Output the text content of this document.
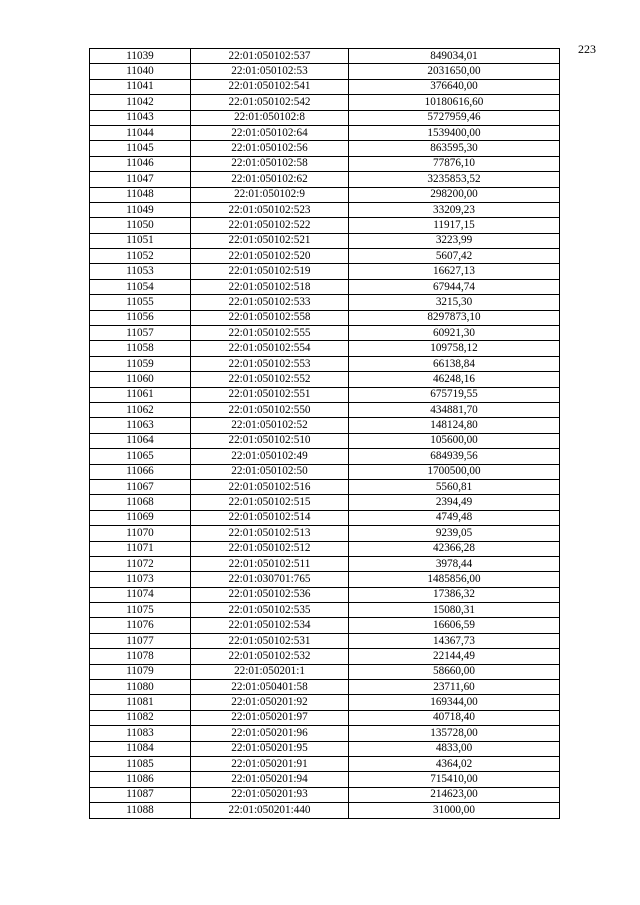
223
11039	22:01:050102:537	849034,01
11040	22:01:050102:53	2031650,00
11041	22:01:050102:541	376640,00
11042	22:01:050102:542	10180616,60
11043	22:01:050102:8	5727959,46
11044	22:01:050102:64	1539400,00
11045	22:01:050102:56	863595,30
11046	22:01:050102:58	77876,10
11047	22:01:050102:62	3235853,52
11048	22:01:050102:9	298200,00
11049	22:01:050102:523	33209,23
11050	22:01:050102:522	11917,15
11051	22:01:050102:521	3223,99
11052	22:01:050102:520	5607,42
11053	22:01:050102:519	16627,13
11054	22:01:050102:518	67944,74
11055	22:01:050102:533	3215,30
11056	22:01:050102:558	8297873,10
11057	22:01:050102:555	60921,30
11058	22:01:050102:554	109758,12
11059	22:01:050102:553	66138,84
11060	22:01:050102:552	46248,16
11061	22:01:050102:551	675719,55
11062	22:01:050102:550	434881,70
11063	22:01:050102:52	148124,80
11064	22:01:050102:510	105600,00
11065	22:01:050102:49	684939,56
11066	22:01:050102:50	1700500,00
11067	22:01:050102:516	5560,81
11068	22:01:050102:515	2394,49
11069	22:01:050102:514	4749,48
11070	22:01:050102:513	9239,05
11071	22:01:050102:512	42366,28
11072	22:01:050102:511	3978,44
11073	22:01:030701:765	1485856,00
11074	22:01:050102:536	17386,32
11075	22:01:050102:535	15080,31
11076	22:01:050102:534	16606,59
11077	22:01:050102:531	14367,73
11078	22:01:050102:532	22144,49
11079	22:01:050201:1	58660,00
11080	22:01:050401:58	23711,60
11081	22:01:050201:92	169344,00
11082	22:01:050201:97	40718,40
11083	22:01:050201:96	135728,00
11084	22:01:050201:95	4833,00
11085	22:01:050201:91	4364,02
11086	22:01:050201:94	715410,00
11087	22:01:050201:93	214623,00
11088	22:01:050201:440	31000,00
